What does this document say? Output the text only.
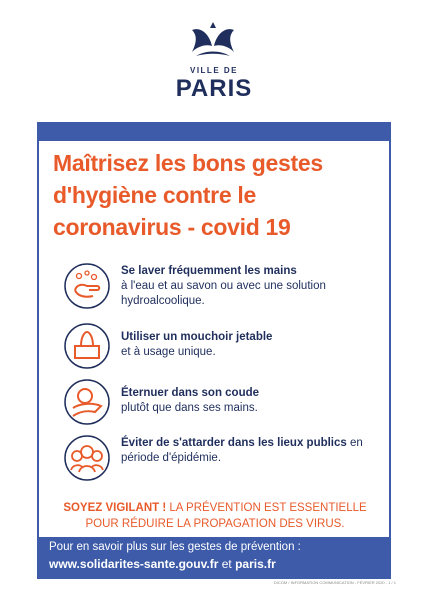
VILLE DE
PARIS
Maîtrisez les bons gestes
d'hygiène contre le
coronavirus - covid 19
Se laver fréquemment les mains
à l'eau et au savon ou avec une solution hydroalcoolique.
Utiliser un mouchoir jetable
et à usage unique.
Éternuer dans son coude
plutôt que dans ses mains.
Éviter de s'attarder dans les lieux publics en période d'épidémie.
SOYEZ VIGILANT ! LA PRÉVENTION EST ESSENTIELLE POUR RÉDUIRE LA PROPAGATION DES VIRUS.
Pour en savoir plus sur les gestes de prévention :
www.solidarites-sante.gouv.fr et paris.fr
DICOM / INFORMATION COMMUNICATION - FÉVRIER 2020 - 1 / 1
